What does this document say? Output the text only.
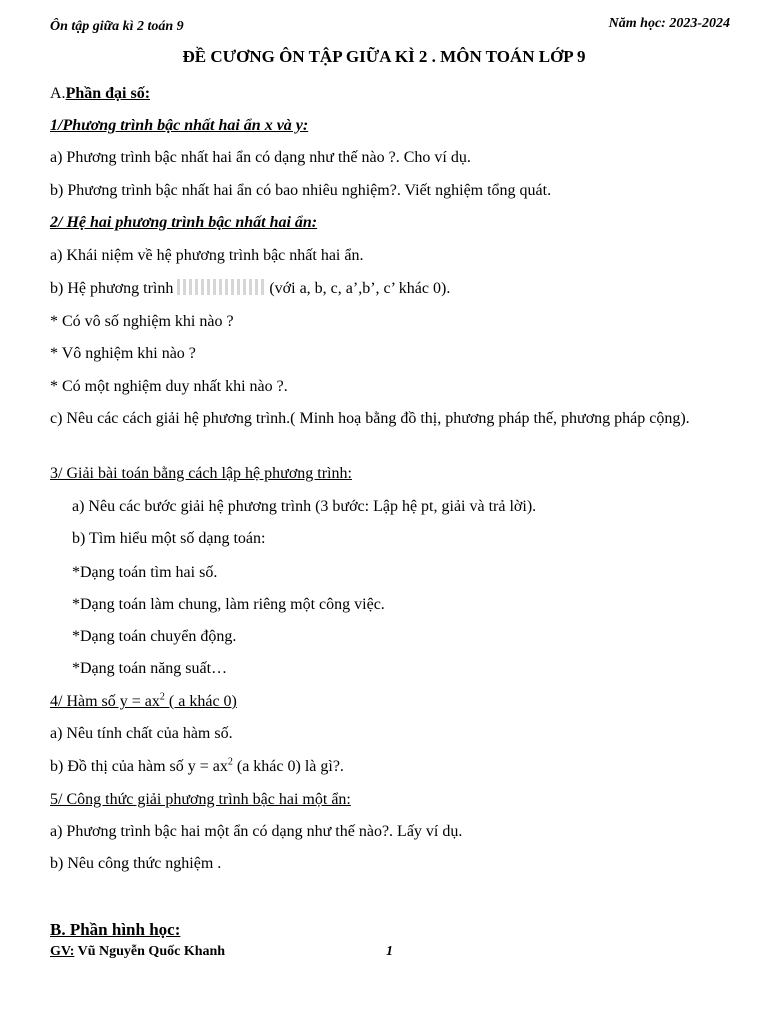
Ôn tập giữa kì 2 toán 9	Năm học: 2023-2024
ĐỀ CƯƠNG ÔN TẬP GIỮA KÌ 2 . MÔN TOÁN LỚP 9
A.Phần đại số:
1/Phương trình bậc nhất hai ẩn x và y:
a) Phương trình bậc nhất hai ẩn có dạng như thế nào ?. Cho ví dụ.
b) Phương trình bậc nhất hai ẩn có bao nhiêu nghiệm?. Viết nghiệm tổng quát.
2/ Hệ hai phương trình bậc nhất hai ẩn:
a) Khái niệm về hệ phương trình bậc nhất hai ẩn.
b) Hệ phương trình	(với a, b, c, a’,b’, c’ khác 0).
* Có vô số nghiệm khi nào ?
* Vô nghiệm khi nào ?
* Có một nghiệm duy nhất khi nào ?.
c) Nêu các cách giải hệ phương trình.( Minh hoạ bằng đồ thị, phương pháp thế, phương pháp cộng).
3/ Giải bài toán bằng cách lập hệ phương trình:
a) Nêu các bước giải hệ phương trình (3 bước: Lập hệ pt, giải và trả lời).
b) Tìm hiểu một số dạng toán:
*Dạng toán tìm hai số.
*Dạng toán làm chung, làm riêng một công việc.
*Dạng toán chuyển động.
*Dạng toán năng suất…
4/ Hàm số $y = ax^2$ ( a khác 0)
a) Nêu tính chất của hàm số.
b) Đồ thị của hàm số $y = ax^2$ (a khác 0) là gì?.
5/ Công thức giải phương trình bậc hai một ẩn:
a) Phương trình bậc hai một ẩn có dạng như thế nào?. Lấy ví dụ.
b) Nêu công thức nghiệm .
B. Phần hình học:
GV: Vũ Nguyễn Quốc Khanh	1
